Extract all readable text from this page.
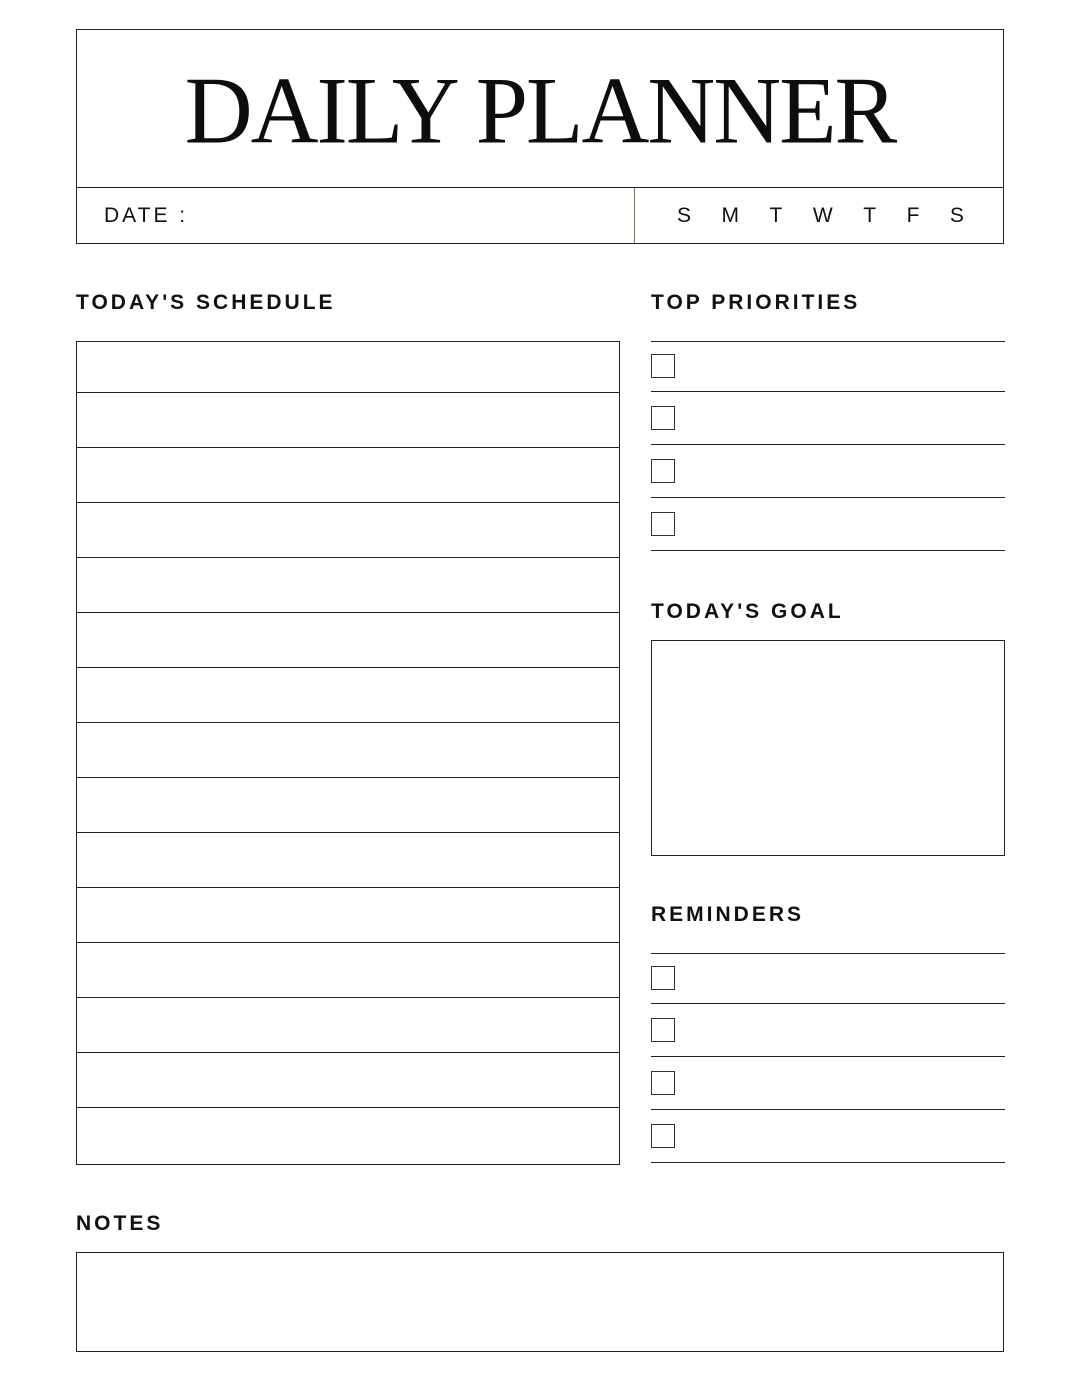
DAILY PLANNER
DATE :	S M T W T F S
TODAY'S SCHEDULE	TOP PRIORITIES
TODAY'S GOAL
REMINDERS
NOTES
